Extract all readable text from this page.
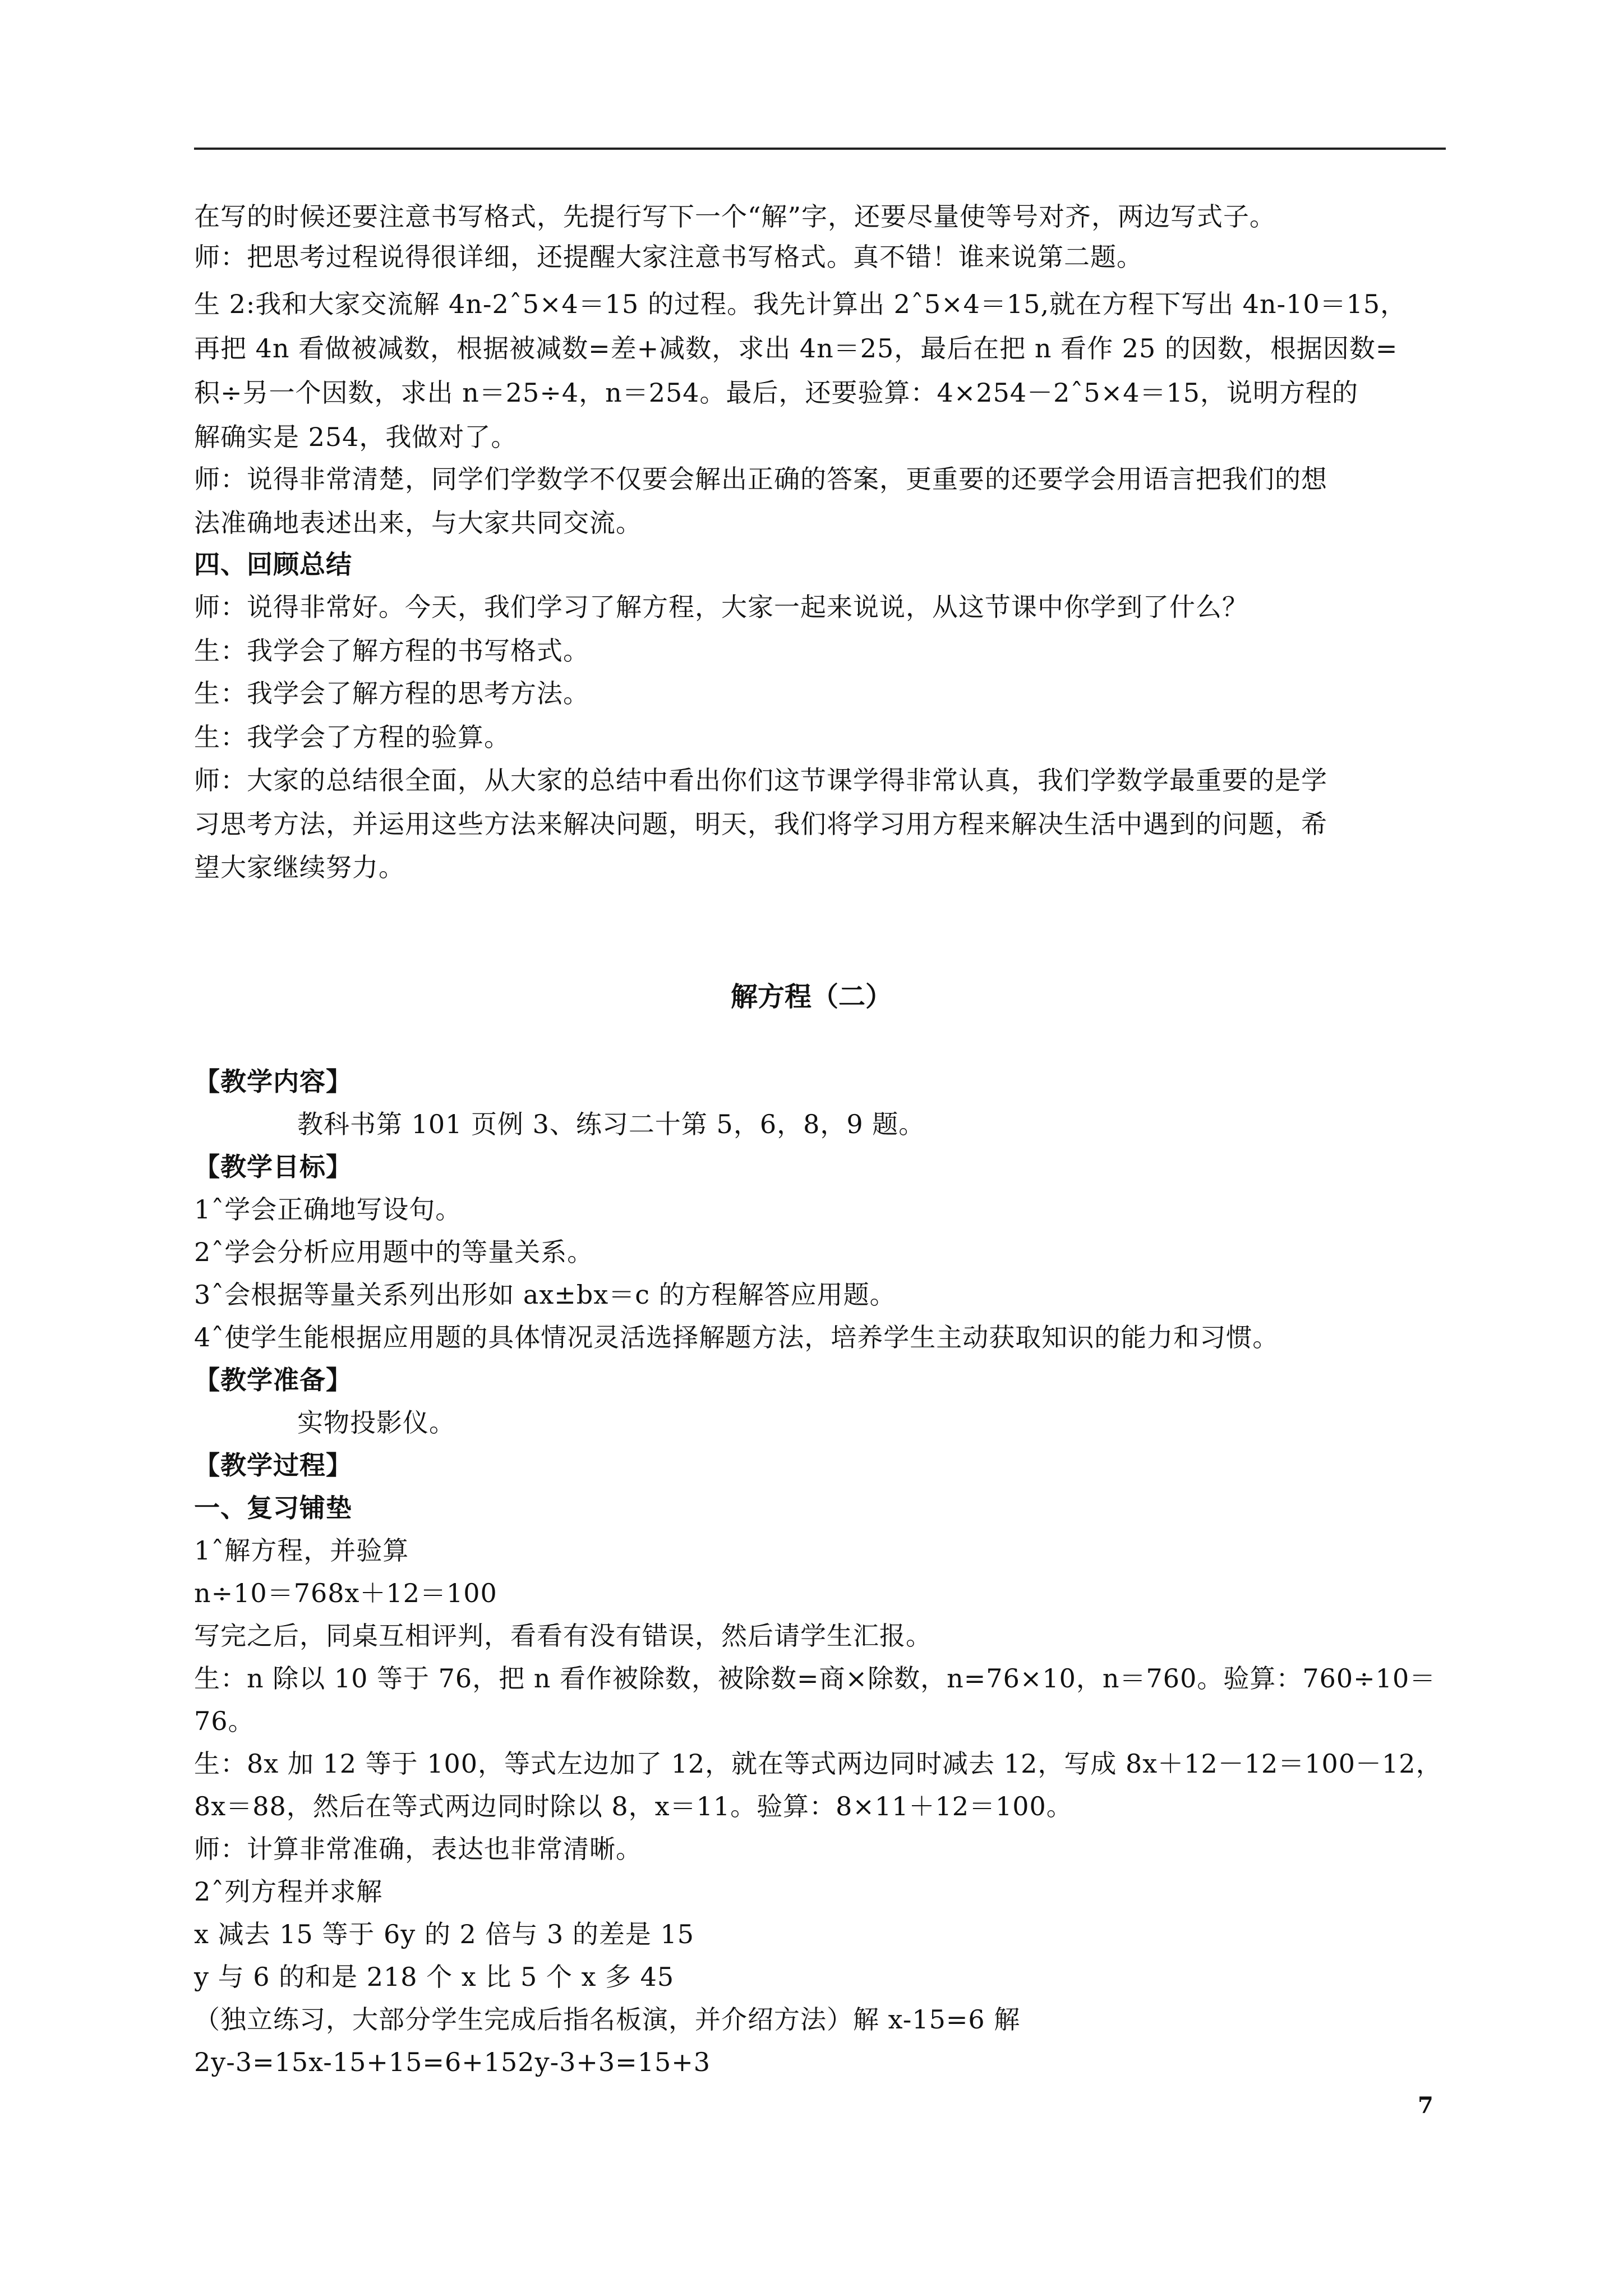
在写的时候还要注意书写格式，先提行写下一个“解”字，还要尽量使等号对齐，两边写式子。
师：把思考过程说得很详细，还提醒大家注意书写格式。真不错！谁来说第二题。
生 2:我和大家交流解 4n-2ˆ5×4＝15 的过程。我先计算出 2ˆ5×4＝15,就在方程下写出 4n-10＝15，
再把 4n 看做被减数，根据被减数=差+减数，求出 4n＝25，最后在把 n 看作 25 的因数，根据因数=
积÷另一个因数，求出 n＝25÷4，n＝254。最后，还要验算：4×254－2ˆ5×4＝15，说明方程的
解确实是 254，我做对了。
师：说得非常清楚，同学们学数学不仅要会解出正确的答案，更重要的还要学会用语言把我们的想
法准确地表述出来，与大家共同交流。
四、回顾总结
师：说得非常好。今天，我们学习了解方程，大家一起来说说，从这节课中你学到了什么？
生：我学会了解方程的书写格式。
生：我学会了解方程的思考方法。
生：我学会了方程的验算。
师：大家的总结很全面，从大家的总结中看出你们这节课学得非常认真，我们学数学最重要的是学
习思考方法，并运用这些方法来解决问题，明天，我们将学习用方程来解决生活中遇到的问题，希
望大家继续努力。
解方程（二）
【教学内容】
教科书第 101 页例 3、练习二十第 5，6，8，9 题。
【教学目标】
1ˆ学会正确地写设句。
2ˆ学会分析应用题中的等量关系。
3ˆ会根据等量关系列出形如 ax±bx＝c 的方程解答应用题。
4ˆ使学生能根据应用题的具体情况灵活选择解题方法，培养学生主动获取知识的能力和习惯。
【教学准备】
实物投影仪。
【教学过程】
一、复习铺垫
1ˆ解方程，并验算
n÷10＝768x＋12＝100
写完之后，同桌互相评判，看看有没有错误，然后请学生汇报。
生：n 除以 10 等于 76，把 n 看作被除数，被除数=商×除数，n=76×10，n＝760。验算：760÷10＝
76。
生：8x 加 12 等于 100，等式左边加了 12，就在等式两边同时减去 12，写成 8x＋12－12＝100－12，
8x＝88，然后在等式两边同时除以 8，x＝11。验算：8×11＋12＝100。
师：计算非常准确，表达也非常清晰。
2ˆ列方程并求解
x 减去 15 等于 6y 的 2 倍与 3 的差是 15
y 与 6 的和是 218 个 x 比 5 个 x 多 45
（独立练习，大部分学生完成后指名板演，并介绍方法）解 x-15=6 解
2y-3=15x-15+15=6+152y-3+3=15+3
7
